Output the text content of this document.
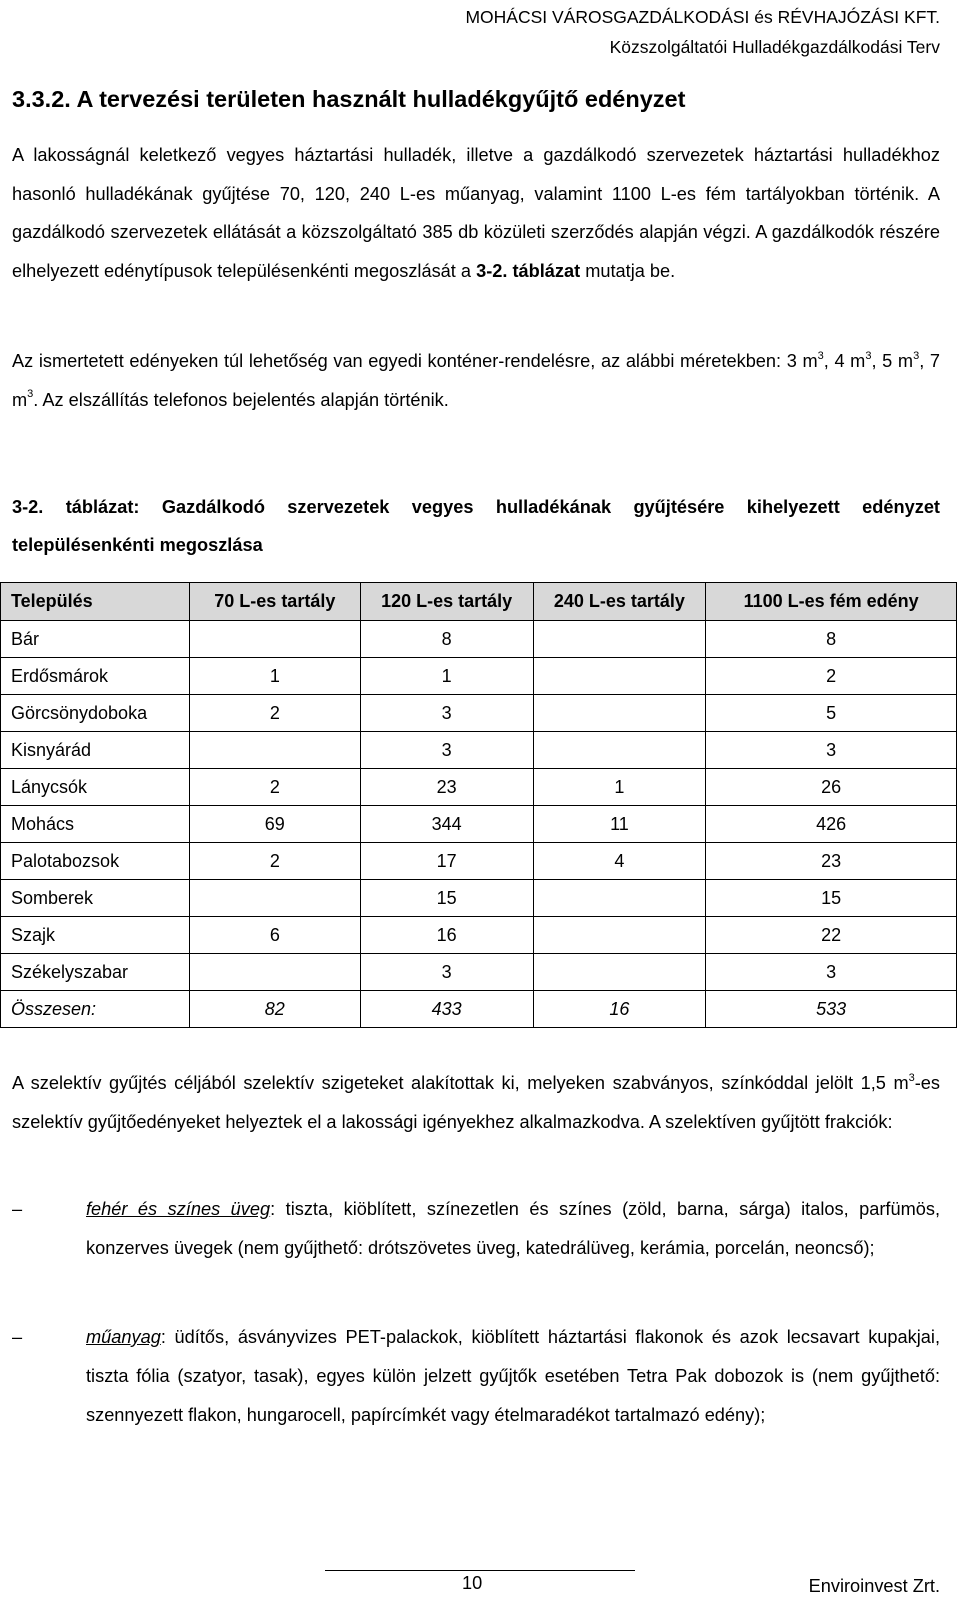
MOHÁCSI VÁROSGAZDÁLKODÁSI és RÉVHAJÓZÁSI KFT.
Közszolgáltatói Hulladékgazdálkodási Terv
3.3.2. A tervezési területen használt hulladékgyűjtő edényzet

A lakosságnál keletkező vegyes háztartási hulladék, illetve a gazdálkodó szervezetek háztartási hulladékhoz hasonló hulladékának gyűjtése 70, 120, 240 L-es műanyag, valamint 1100 L-es fém tartályokban történik. A gazdálkodó szervezetek ellátását a közszolgáltató 385 db közületi szerződés alapján végzi. A gazdálkodók részére elhelyezett edénytípusok településenkénti megoszlását a 3-2. táblázat mutatja be.

Az ismertetett edényeken túl lehetőség van egyedi konténer-rendelésre, az alábbi méretekben: 3 $m^3$, 4 $m^3$, 5 $m^3$, 7 $m^3$. Az elszállítás telefonos bejelentés alapján történik.

3-2. táblázat: Gazdálkodó szervezetek vegyes hulladékának gyűjtésére kihelyezett edényzet településenkénti megoszlása

Település	70 L-es tartály	120 L-es tartály	240 L-es tartály	1100 L-es fém edény
Bár		8		8
Erdősmárok	1	1		2
Görcsönydoboka	2	3		5
Kisnyárád		3		3
Lánycsók	2	23	1	26
Mohács	69	344	11	426
Palotabozsok	2	17	4	23
Somberek		15		15
Szajk	6	16		22
Székelyszabar		3		3
Összesen:	82	433	16	533

A szelektív gyűjtés céljából szelektív szigeteket alakítottak ki, melyeken szabványos, színkóddal jelölt 1,5 $m^3-es$ szelektív gyűjtőedényeket helyeztek el a lakossági igényekhez alkalmazkodva. A szelektíven gyűjtött frakciók:

–	fehér és színes üveg: tiszta, kiöblített, színezetlen és színes (zöld, barna, sárga) italos, parfümös, konzerves üvegek (nem gyűjthető: drótszövetes üveg, katedrálüveg, kerámia, porcelán, neoncső);
–	műanyag: üdítős, ásványvizes PET-palackok, kiöblített háztartási flakonok és azok lecsavart kupakjai, tiszta fólia (szatyor, tasak), egyes külön jelzett gyűjtők esetében Tetra Pak dobozok is (nem gyűjthető: szennyezett flakon, hungarocell, papírcímkét vagy ételmaradékot tartalmazó edény);
10	Enviroinvest Zrt.
